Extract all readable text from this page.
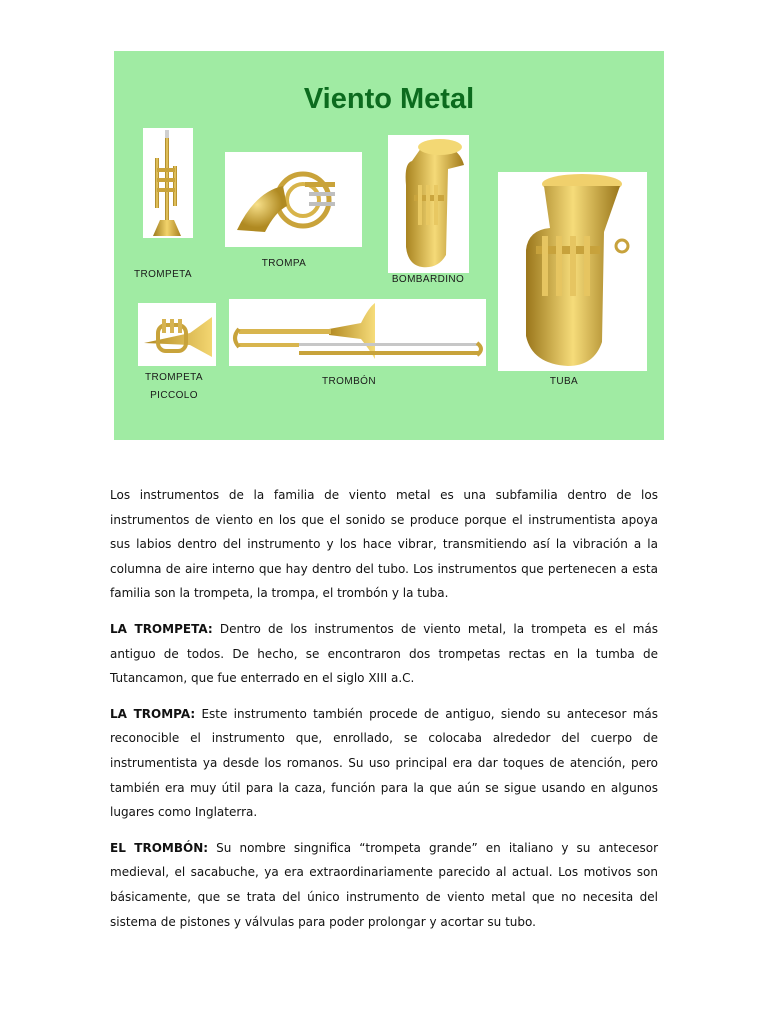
Viento Metal
TROMPETA
TROMPA
BOMBARDINO
TUBA
TROMPETA
PICCOLO
TROMBÓN

Los instrumentos de la familia de viento metal es una subfamilia dentro de los instrumentos de viento en los que el sonido se produce porque el instrumentista apoya sus labios dentro del instrumento y los hace vibrar, transmitiendo así la vibración a la columna de aire interno que hay dentro del tubo. Los instrumentos que pertenecen a esta familia son la trompeta, la trompa, el trombón y la tuba.

LA TROMPETA: Dentro de los instrumentos de viento metal, la trompeta es el más antiguo de todos. De hecho, se encontraron dos trompetas rectas en la tumba de Tutancamon, que fue enterrado en el siglo XIII a.C.

LA TROMPA: Este instrumento también procede de antiguo, siendo su antecesor más reconocible el instrumento que, enrollado, se colocaba alrededor del cuerpo de instrumentista ya desde los romanos. Su uso principal era dar toques de atención, pero también era muy útil para la caza, función para la que aún se sigue usando en algunos lugares como Inglaterra.

EL TROMBÓN: Su nombre singnifica “trompeta grande” en italiano y su antecesor medieval, el sacabuche, ya era extraordinariamente parecido al actual. Los motivos son básicamente, que se trata del único instrumento de viento metal que no necesita del sistema de pistones y válvulas para poder prolongar y acortar su tubo.
